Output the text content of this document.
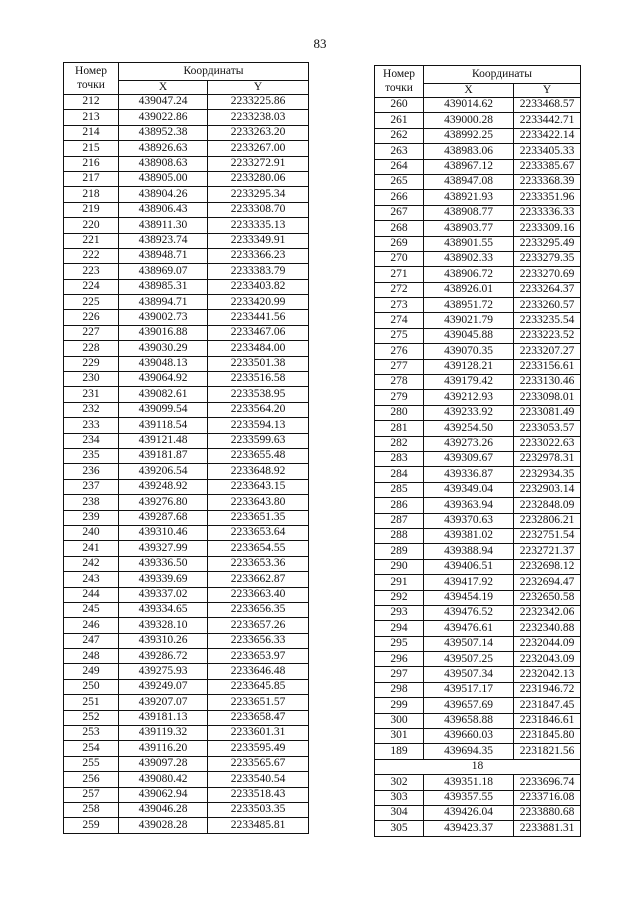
83
Номер
точки	Координаты	
	X	Y
212	439047.24	2233225.86
213	439022.86	2233238.03
214	438952.38	2233263.20
215	438926.63	2233267.00
216	438908.63	2233272.91
217	438905.00	2233280.06
218	438904.26	2233295.34
219	438906.43	2233308.70
220	438911.30	2233335.13
221	438923.74	2233349.91
222	438948.71	2233366.23
223	438969.07	2233383.79
224	438985.31	2233403.82
225	438994.71	2233420.99
226	439002.73	2233441.56
227	439016.88	2233467.06
228	439030.29	2233484.00
229	439048.13	2233501.38
230	439064.92	2233516.58
231	439082.61	2233538.95
232	439099.54	2233564.20
233	439118.54	2233594.13
234	439121.48	2233599.63
235	439181.87	2233655.48
236	439206.54	2233648.92
237	439248.92	2233643.15
238	439276.80	2233643.80
239	439287.68	2233651.35
240	439310.46	2233653.64
241	439327.99	2233654.55
242	439336.50	2233653.36
243	439339.69	2233662.87
244	439337.02	2233663.40
245	439334.65	2233656.35
246	439328.10	2233657.26
247	439310.26	2233656.33
248	439286.72	2233653.97
249	439275.93	2233646.48
250	439249.07	2233645.85
251	439207.07	2233651.57
252	439181.13	2233658.47
253	439119.32	2233601.31
254	439116.20	2233595.49
255	439097.28	2233565.67
256	439080.42	2233540.54
257	439062.94	2233518.43
258	439046.28	2233503.35
259	439028.28	2233485.81
Номер
точки	Координаты	
	X	Y
260	439014.62	2233468.57
261	439000.28	2233442.71
262	438992.25	2233422.14
263	438983.06	2233405.33
264	438967.12	2233385.67
265	438947.08	2233368.39
266	438921.93	2233351.96
267	438908.77	2233336.33
268	438903.77	2233309.16
269	438901.55	2233295.49
270	438902.33	2233279.35
271	438906.72	2233270.69
272	438926.01	2233264.37
273	438951.72	2233260.57
274	439021.79	2233235.54
275	439045.88	2233223.52
276	439070.35	2233207.27
277	439128.21	2233156.61
278	439179.42	2233130.46
279	439212.93	2233098.01
280	439233.92	2233081.49
281	439254.50	2233053.57
282	439273.26	2233022.63
283	439309.67	2232978.31
284	439336.87	2232934.35
285	439349.04	2232903.14
286	439363.94	2232848.09
287	439370.63	2232806.21
288	439381.02	2232751.54
289	439388.94	2232721.37
290	439406.51	2232698.12
291	439417.92	2232694.47
292	439454.19	2232650.58
293	439476.52	2232342.06
294	439476.61	2232340.88
295	439507.14	2232044.09
296	439507.25	2232043.09
297	439507.34	2232042.13
298	439517.17	2231946.72
299	439657.69	2231847.45
300	439658.88	2231846.61
301	439660.03	2231845.80
189	439694.35	2231821.56
18		
302	439351.18	2233696.74
303	439357.55	2233716.08
304	439426.04	2233880.68
305	439423.37	2233881.31
